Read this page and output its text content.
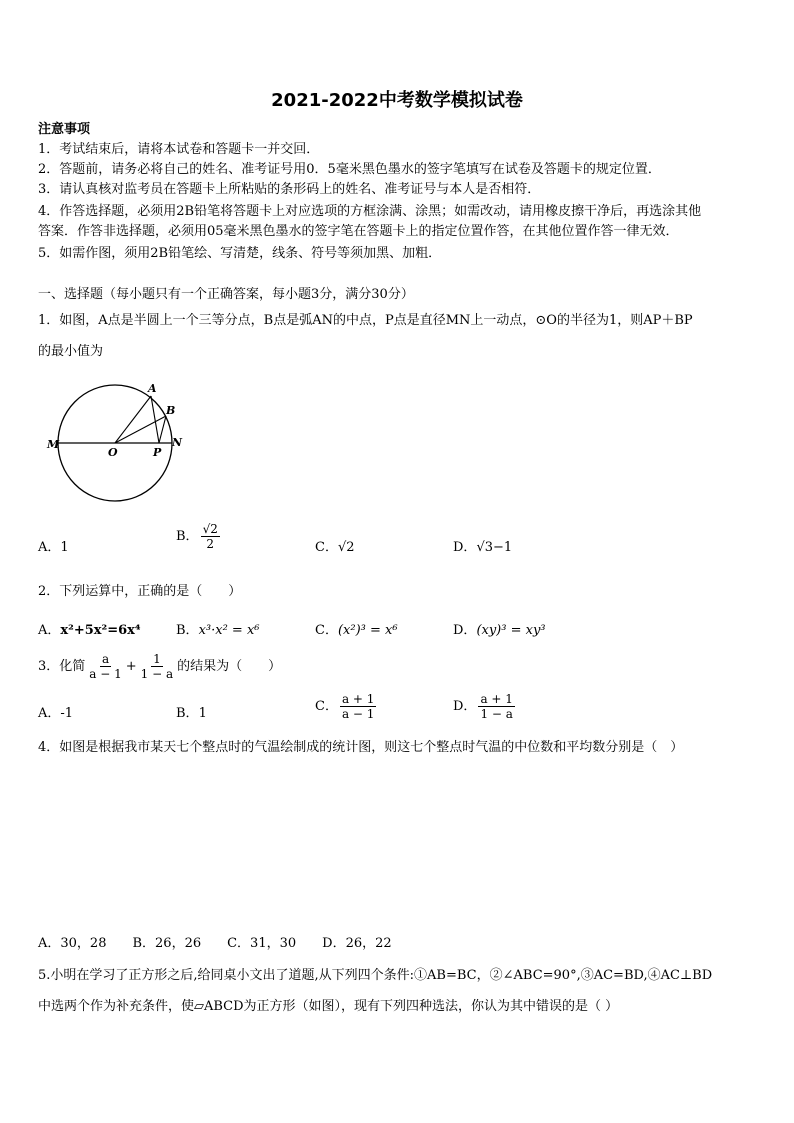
2021-2022中考数学模拟试卷
注意事项
1．考试结束后，请将本试卷和答题卡一并交回．
2．答题前，请务必将自己的姓名、准考证号用0．5毫米黑色墨水的签字笔填写在试卷及答题卡的规定位置．
3．请认真核对监考员在答题卡上所粘贴的条形码上的姓名、准考证号与本人是否相符．
4．作答选择题，必须用2B铅笔将答题卡上对应选项的方框涂满、涂黑；如需改动，请用橡皮擦干净后，再选涂其他
答案．作答非选择题，必须用05毫米黑色墨水的签字笔在答题卡上的指定位置作答，在其他位置作答一律无效．
5．如需作图，须用2B铅笔绘、写清楚，线条、符号等须加黑、加粗．
一、选择题（每小题只有一个正确答案，每小题3分，满分30分）
1．如图，A点是半圆上一个三等分点，B点是弧AN的中点，P点是直径MN上一动点，⊙O的半径为1，则AP＋BP
的最小值为
M
O	P
N
A
B
A．1
B． $\frac{√2}{2}$	C．√2	D．√3−1
2．下列运算中，正确的是（　　）
A．x²+5x²=6x⁴	B．x³·x² = x⁶	C．(x²)³ = x⁶	D．(xy)³ = xy³
3．化简 $\frac{a}{a - 1} + \frac{1}{1 - a}$ 的结果为（　　）
A．-1	B．1	C． $\frac{a + 1}{a - 1}$	D． $\frac{a + 1}{1 - a}$
4．如图是根据我市某天七个整点时的气温绘制成的统计图，则这七个整点时气温的中位数和平均数分别是（　）
A．30，28　　B．26，26　　C．31，30　　D．26，22
5.小明在学习了正方形之后,给同桌小文出了道题,从下列四个条件:①AB=BC，②∠ABC=90°,③AC=BD,④AC⊥BD
中选两个作为补充条件，使▱ABCD为正方形（如图），现有下列四种选法，你认为其中错误的是（ ）
